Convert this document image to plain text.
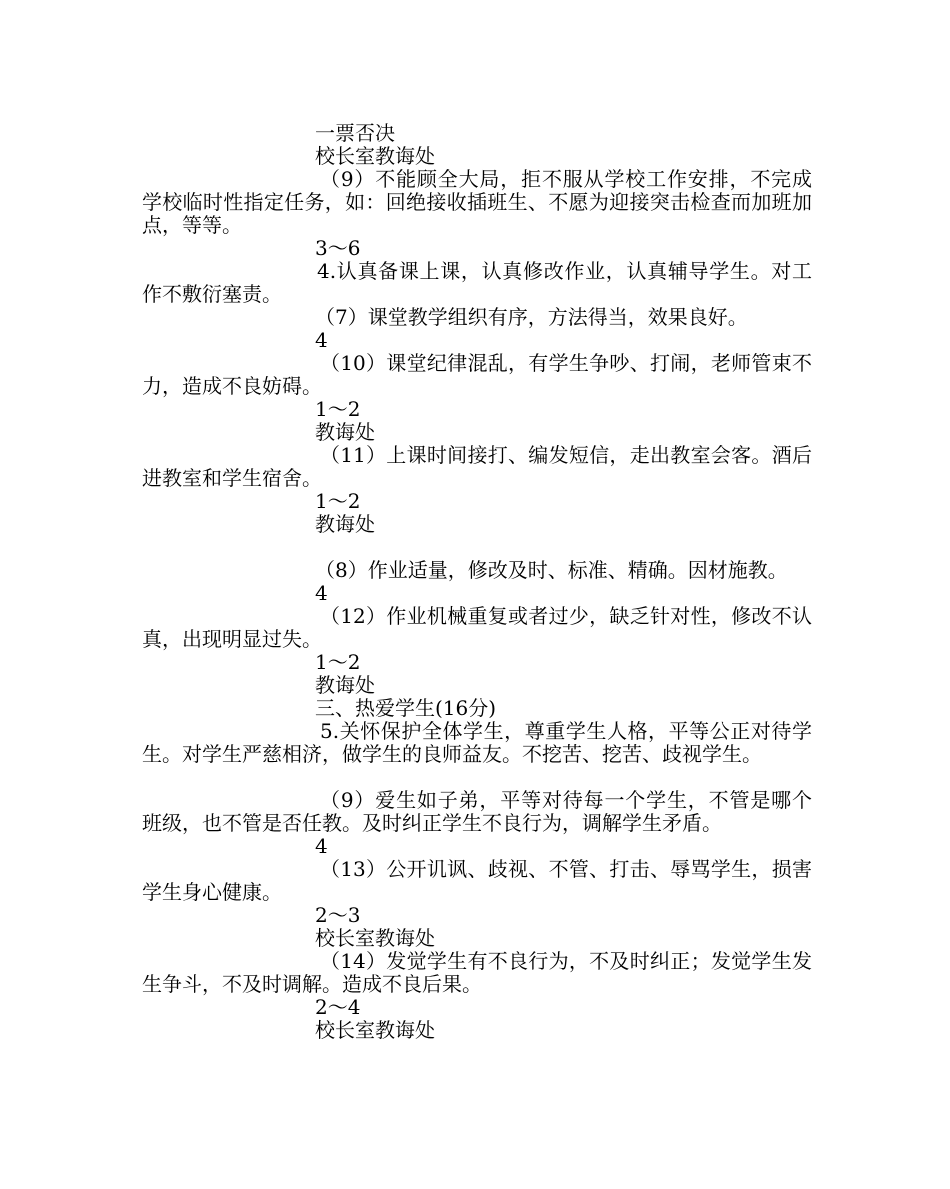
一票否决
校长室教诲处

（9）不能顾全大局，拒不服从学校工作安排，不完成学校临时性指定任务，如：回绝接收插班生、不愿为迎接突击检查而加班加点，等等。

3～6

4.认真备课上课，认真修改作业，认真辅导学生。对工作不敷衍塞责。

（7）课堂教学组织有序，方法得当，效果良好。
4

（10）课堂纪律混乱，有学生争吵、打闹，老师管束不力，造成不良妨碍。

1～2
教诲处

（11）上课时间接打、编发短信，走出教室会客。酒后进教室和学生宿舍。

1～2
教诲处
（8）作业适量，修改及时、标准、精确。因材施教。
4

（12）作业机械重复或者过少，缺乏针对性，修改不认真，出现明显过失。

1～2
教诲处
三、热爱学生(16分)

5.关怀保护全体学生，尊重学生人格，平等公正对待学生。对学生严慈相济，做学生的良师益友。不挖苦、挖苦、歧视学生。

（9）爱生如子弟，平等对待每一个学生，不管是哪个班级，也不管是否任教。及时纠正学生不良行为，调解学生矛盾。

4

（13）公开讥讽、歧视、不管、打击、辱骂学生，损害学生身心健康。

2～3
校长室教诲处

（14）发觉学生有不良行为，不及时纠正；发觉学生发生争斗，不及时调解。造成不良后果。

2～4
校长室教诲处
